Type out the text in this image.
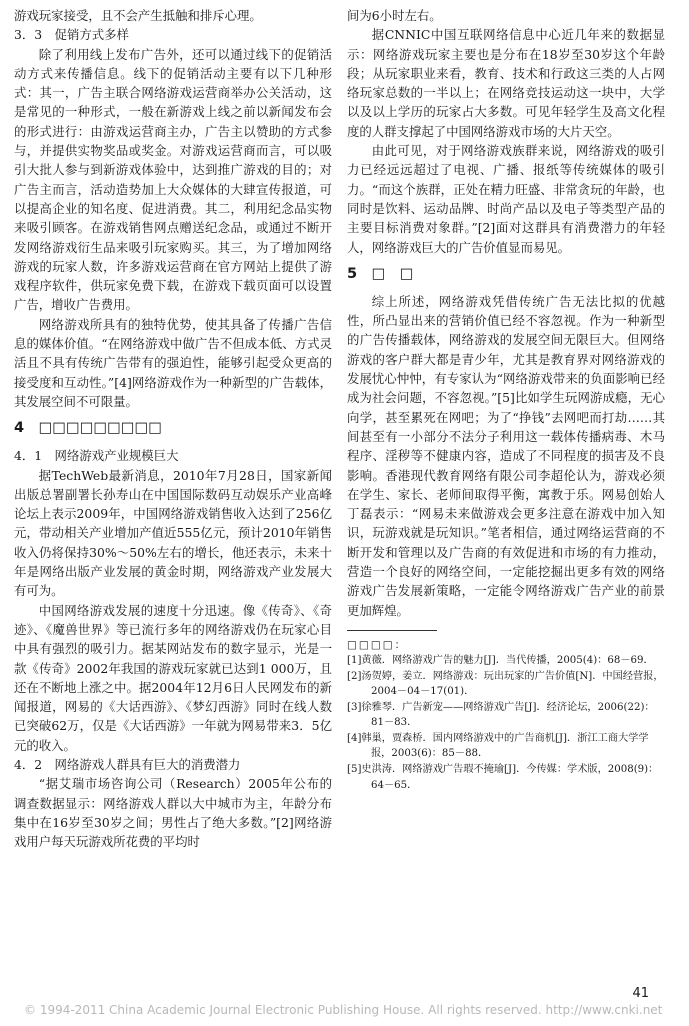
游戏玩家接受，且不会产生抵触和排斥心理。

3．3　促销方式多样

除了利用线上发布广告外，还可以通过线下的促销活动方式来传播信息。线下的促销活动主要有以下几种形式：其一，广告主联合网络游戏运营商举办公关活动，这是常见的一种形式，一般在新游戏上线之前以新闻发布会的形式进行：由游戏运营商主办，广告主以赞助的方式参与，并提供实物奖品或奖金。对游戏运营商而言，可以吸引大批人参与到新游戏体验中，达到推广游戏的目的；对广告主而言，活动造势加上大众媒体的大肆宣传报道，可以提高企业的知名度、促进消费。其二，利用纪念品实物来吸引顾客。在游戏销售网点赠送纪念品，或通过不断开发网络游戏衍生品来吸引玩家购买。其三，为了增加网络游戏的玩家人数，许多游戏运营商在官方网站上提供了游戏程序软件，供玩家免费下载，在游戏下载页面可以设置广告，增收广告费用。

网络游戏所具有的独特优势，使其具备了传播广告信息的媒体价值。“在网络游戏中做广告不但成本低、方式灵活且不具有传统广告带有的强迫性，能够引起受众更高的接受度和互动性。”[4]网络游戏作为一种新型的广告载体，其发展空间不可限量。

4　□□□□□□□□□
4．1　网络游戏产业规模巨大

据TechWeb最新消息，2010年7月28日，国家新闻出版总署副署长孙寿山在中国国际数码互动娱乐产业高峰论坛上表示2009年，中国网络游戏销售收入达到了256亿元，带动相关产业增加产值近555亿元，预计2010年销售收入仍将保持30%～50%左右的增长，他还表示，未来十年是网络出版产业发展的黄金时期，网络游戏产业发展大有可为。

中国网络游戏发展的速度十分迅速。像《传奇》、《奇迹》、《魔兽世界》等已流行多年的网络游戏仍在玩家心目中具有强烈的吸引力。据某网站发布的数字显示，光是一款《传奇》2002年我国的游戏玩家就已达到1 000万，且还在不断地上涨之中。据2004年12月6日人民网发布的新闻报道，网易的《大话西游》、《梦幻西游》同时在线人数已突破62万，仅是《大话西游》一年就为网易带来3．5亿元的收入。

4．2　网络游戏人群具有巨大的消费潜力

“据艾瑞市场咨询公司（Research）2005年公布的调查数据显示：网络游戏人群以大中城市为主，年龄分布集中在16岁至30岁之间；男性占了绝大多数。”[2]网络游戏用户每天玩游戏所花费的平均时

间为6小时左右。

据CNNIC中国互联网络信息中心近几年来的数据显示：网络游戏玩家主要也是分布在18岁至30岁这个年龄段；从玩家职业来看，教育、技术和行政这三类的人占网络玩家总数的一半以上；在网络竞技运动这一块中，大学以及以上学历的玩家占大多数。可见年轻学生及高文化程度的人群支撑起了中国网络游戏市场的大片天空。

由此可见，对于网络游戏族群来说，网络游戏的吸引力已经远远超过了电视、广播、报纸等传统媒体的吸引力。“而这个族群，正处在精力旺盛、非常贪玩的年龄，也同时是饮料、运动品牌、时尚产品以及电子等类型产品的主要目标消费对象群。”[2]面对这群具有消费潜力的年轻人，网络游戏巨大的广告价值显而易见。

5　□　□

综上所述，网络游戏凭借传统广告无法比拟的优越性，所凸显出来的营销价值已经不容忽视。作为一种新型的广告传播载体，网络游戏的发展空间无限巨大。但网络游戏的客户群大都是青少年，尤其是教育界对网络游戏的发展忧心忡忡，有专家认为“网络游戏带来的负面影响已经成为社会问题，不容忽视。”[5]比如学生玩网游成瘾，无心向学，甚至累死在网吧；为了“挣钱”去网吧而打劫……其间甚至有一小部分不法分子利用这一载体传播病毒、木马程序、淫秽等不健康内容，造成了不同程度的损害及不良影响。香港现代教育网络有限公司李超伦认为，游戏必须在学生、家长、老师间取得平衡，寓教于乐。网易创始人丁磊表示：“网易未来做游戏会更多注意在游戏中加入知识，玩游戏就是玩知识。”笔者相信，通过网络运营商的不断开发和管理以及广告商的有效促进和市场的有力推动，营造一个良好的网络空间，一定能挖掘出更多有效的网络游戏广告发展新策略，一定能令网络游戏广告产业的前景更加辉煌。

□□□□：
[1]黄薇．网络游戏广告的魅力[J]．当代传播，2005(4)：68－69．
[2]汤贺婷，姜立．网络游戏：玩出玩家的广告价值[N]．中国经营报，2004－04－17(01)．
[3]徐雅琴．广告新宠——网络游戏广告[J]．经济论坛，2006(22)：81－83．
[4]韩巢，贾森桥．国内网络游戏中的广告商机[J]．浙江工商大学学报，2003(6)：85－88．
[5]史洪涛．网络游戏广告瑕不掩瑜[J]．今传媒：学术版，2008(9)：64－65．
41
© 1994-2011 China Academic Journal Electronic Publishing House. All rights reserved. http://www.cnki.net
